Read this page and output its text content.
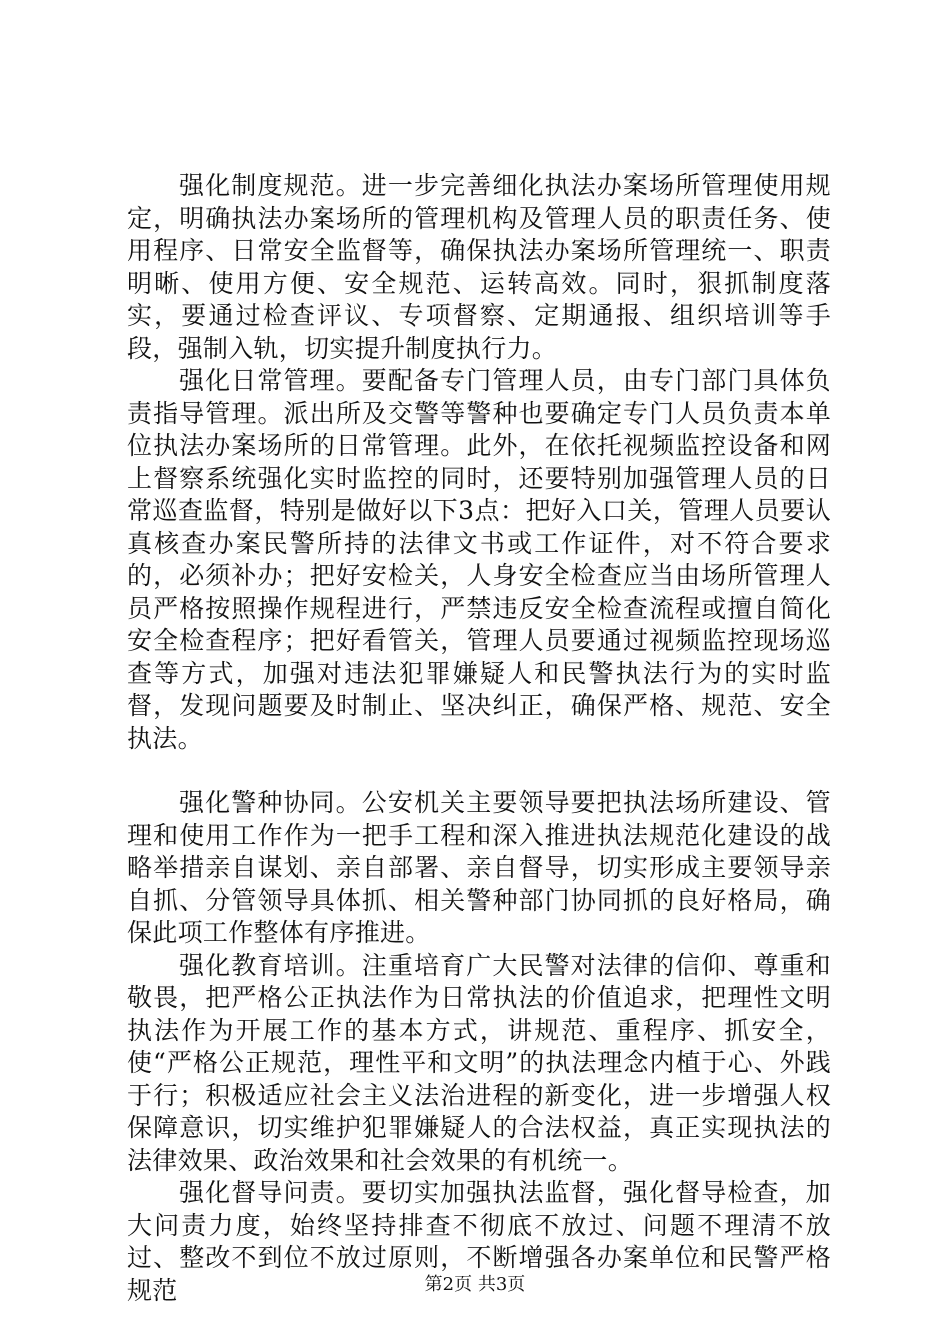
强化制度规范。进一步完善细化执法办案场所管理使用规定，明确执法办案场所的管理机构及管理人员的职责任务、使用程序、日常安全监督等，确保执法办案场所管理统一、职责明晰、使用方便、安全规范、运转高效。同时，狠抓制度落实，要通过检查评议、专项督察、定期通报、组织培训等手段，强制入轨，切实提升制度执行力。

强化日常管理。要配备专门管理人员，由专门部门具体负责指导管理。派出所及交警等警种也要确定专门人员负责本单位执法办案场所的日常管理。此外，在依托视频监控设备和网上督察系统强化实时监控的同时，还要特别加强管理人员的日常巡查监督，特别是做好以下3点：把好入口关，管理人员要认真核查办案民警所持的法律文书或工作证件，对不符合要求的，必须补办；把好安检关，人身安全检查应当由场所管理人员严格按照操作规程进行，严禁违反安全检查流程或擅自简化安全检查程序；把好看管关，管理人员要通过视频监控现场巡查等方式，加强对违法犯罪嫌疑人和民警执法行为的实时监督，发现问题要及时制止、坚决纠正，确保严格、规范、安全执法。

强化警种协同。公安机关主要领导要把执法场所建设、管理和使用工作作为一把手工程和深入推进执法规范化建设的战略举措亲自谋划、亲自部署、亲自督导，切实形成主要领导亲自抓、分管领导具体抓、相关警种部门协同抓的良好格局，确保此项工作整体有序推进。

强化教育培训。注重培育广大民警对法律的信仰、尊重和敬畏，把严格公正执法作为日常执法的价值追求，把理性文明执法作为开展工作的基本方式，讲规范、重程序、抓安全，使“严格公正规范，理性平和文明”的执法理念内植于心、外践于行；积极适应社会主义法治进程的新变化，进一步增强人权保障意识，切实维护犯罪嫌疑人的合法权益，真正实现执法的法律效果、政治效果和社会效果的有机统一。

强化督导问责。要切实加强执法监督，强化督导检查，加大问责力度，始终坚持排查不彻底不放过、问题不理清不放过、整改不到位不放过原则，不断增强各办案单位和民警严格规范	第2页 共3页
